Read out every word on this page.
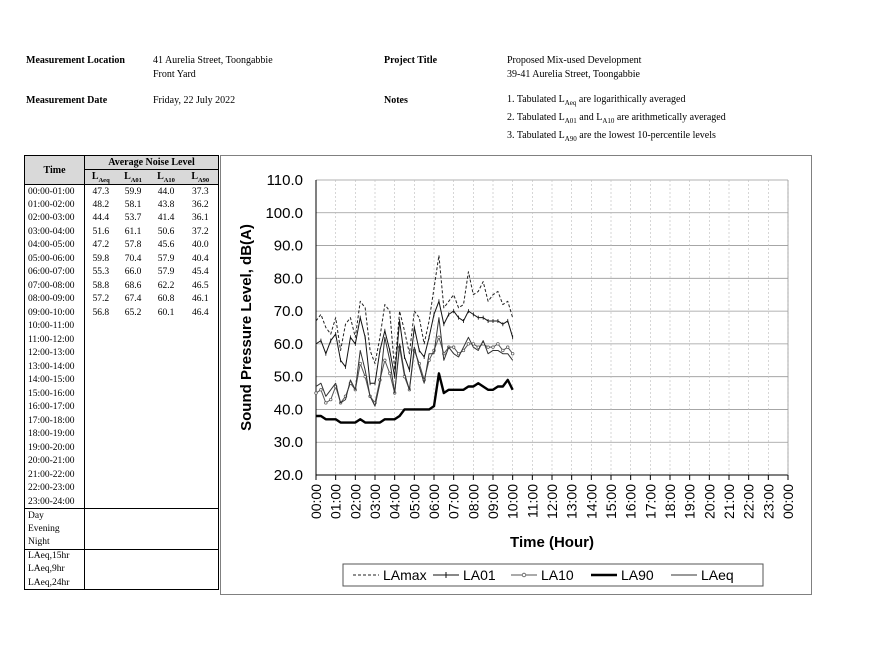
Measurement Location	41 Aurelia Street, Toongabbie
Front Yard
Project Title	Proposed Mix-used Development
39-41 Aurelia Street, Toongabbie
Measurement Date	Friday, 22 July 2022	Notes	1. Tabulated $L_{Aeq}$ are logarithically averaged
2. Tabulated $L_{A01}$ and $L_{A10}$ are arithmetically averaged
3. Tabulated $L_{A90}$ are the lowest 10-percentile levels
Time	Average Noise Level			
	$L_{Aeq}$	$L_{A01}$	$L_{A10}$	$L_{A90}$
00:00-01:00	47.3	59.9	44.0	37.3
01:00-02:00	48.2	58.1	43.8	36.2
02:00-03:00	44.4	53.7	41.4	36.1
03:00-04:00	51.6	61.1	50.6	37.2
04:00-05:00	47.2	57.8	45.6	40.0
05:00-06:00	59.8	70.4	57.9	40.4
06:00-07:00	55.3	66.0	57.9	45.4
07:00-08:00	58.8	68.6	62.2	46.5
08:00-09:00	57.2	67.4	60.8	46.1
09:00-10:00	56.8	65.2	60.1	46.4
10:00-11:00				
11:00-12:00				
12:00-13:00				
13:00-14:00				
14:00-15:00				
15:00-16:00				
16:00-17:00				
17:00-18:00				
18:00-19:00				
19:00-20:00				
20:00-21:00				
21:00-22:00				
22:00-23:00				
23:00-24:00				
Day				
Evening				
Night				
LAeq,15hr				
LAeq,9hr				
LAeq,24hr				
20.0
30.0
40.0
50.0
60.0
70.0
80.0
90.0
100.0
110.0
00:00 01:00 02:00 03:00 04:00 05:00 06:00 07:00 08:00 09:00 10:00 11:00 12:00 13:00 14:00 15:00 16:00 17:00 18:00 19:00 20:00 21:00 22:00 23:00 00:00
Sound Pressure Level, dB(A)
Time (Hour)
LAmax	LA01	LA10	LA90	LAeq
